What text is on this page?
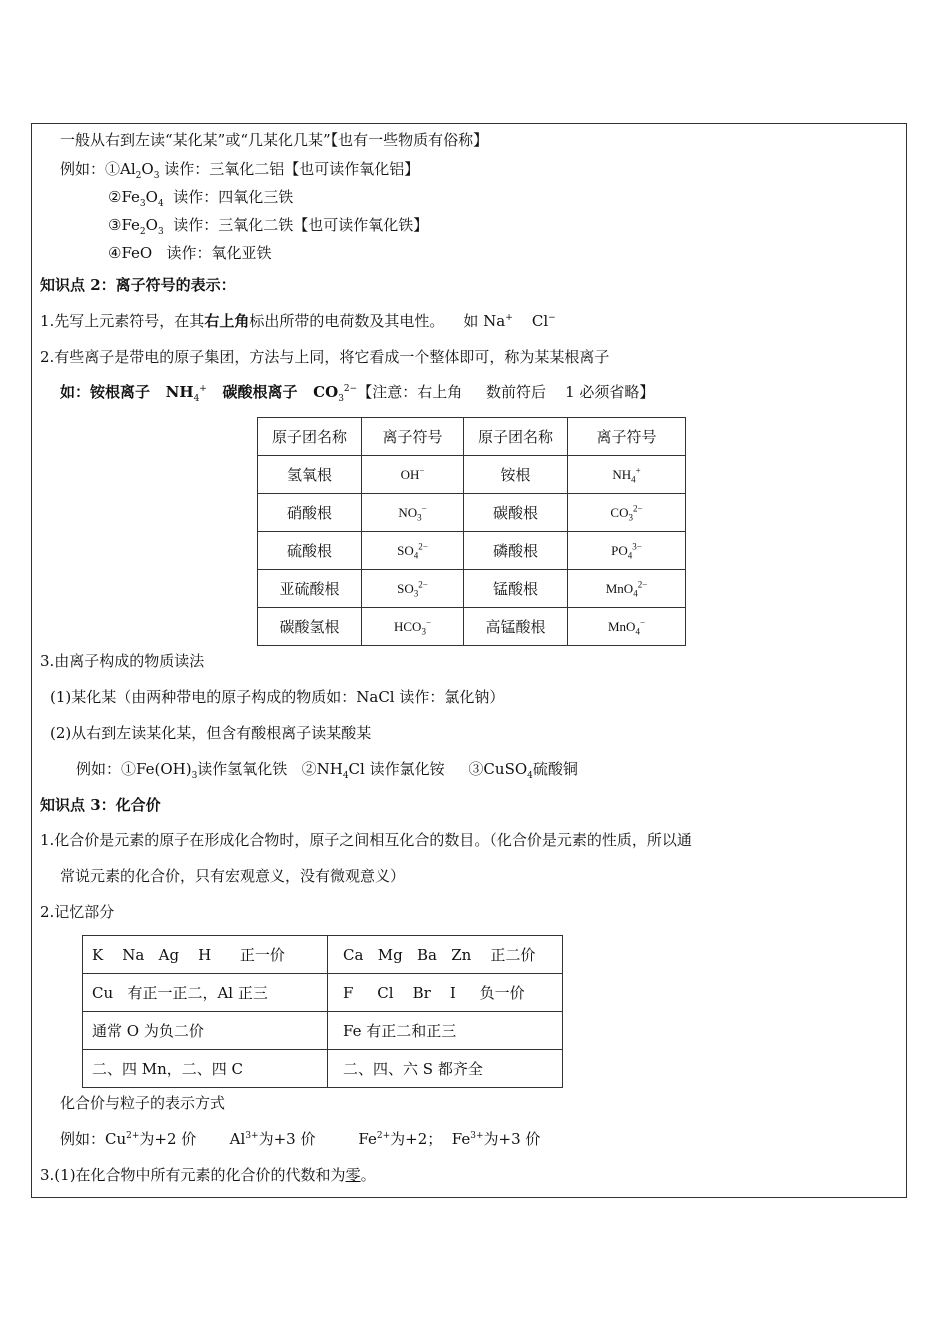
一般从右到左读“某化某”或“几某化几某”【也有一些物质有俗称】
例如：$①Al_2O_3$ 读作：三氧化二铝【也可读作氧化铝】
$②Fe_3O_4$  读作：四氧化三铁
$③Fe_2O_3$  读作：三氧化二铁【也可读作氧化铁】
④FeO   读作：氧化亚铁
知识点 2：离子符号的表示：
1.先写上元素符号，在其右上角标出所带的电荷数及其电性。    如 Na+    Cl−
2.有些离子是带电的原子集团，方法与上同，将它看成一个整体即可，称为某某根离子
如：铵根离子   $NH_4^+$   碳酸根离子   $CO_3^{2-}$【注意：右上角     数前符后    1 必须省略】
原子团名称	离子符号	原子团名称	离子符号
氢氧根	OH−	铵根	$NH_4^+$
硝酸根	$NO_3^-$	碳酸根	$CO_3^{2-}$
硫酸根	$SO_4^{2-}$	磷酸根	$PO_4^{3-}$
亚硫酸根	$SO_3^{2-}$	锰酸根	MnO$_4^{2-}$
碳酸氢根	$HCO_3^-$	高锰酸根	MnO$_4$−
3.由离子构成的物质读法
(1)某化某（由两种带电的原子构成的物质如：NaCl 读作：氯化钠）
(2)从右到左读某化某，但含有酸根离子读某酸某
例如：$①Fe(OH)_3$读作氢氧化铁   $②NH_4Cl$ 读作氯化铵     ③CuSO$_4$硫酸铜
知识点 3：化合价
1.化合价是元素的原子在形成化合物时，原子之间相互化合的数目。（化合价是元素的性质，所以通
常说元素的化合价，只有宏观意义，没有微观意义）
2.记忆部分
K    Na   Ag    H      正一价	Ca   Mg   Ba   Zn    正二价
Cu   有正一正二，Al 正三	F     Cl    Br    I     负一价
通常 O 为负二价	Fe 有正二和正三
二、四 Mn，二、四 C	二、四、六 S 都齐全
化合价与粒子的表示方式
例如：$Cu^{2+}$为+2 价       $Al^{3+}$为+3 价         $Fe^{2+}$为+2；  $Fe^{3+}$为+3 价
3.(1)在化合物中所有元素的化合价的代数和为零。
